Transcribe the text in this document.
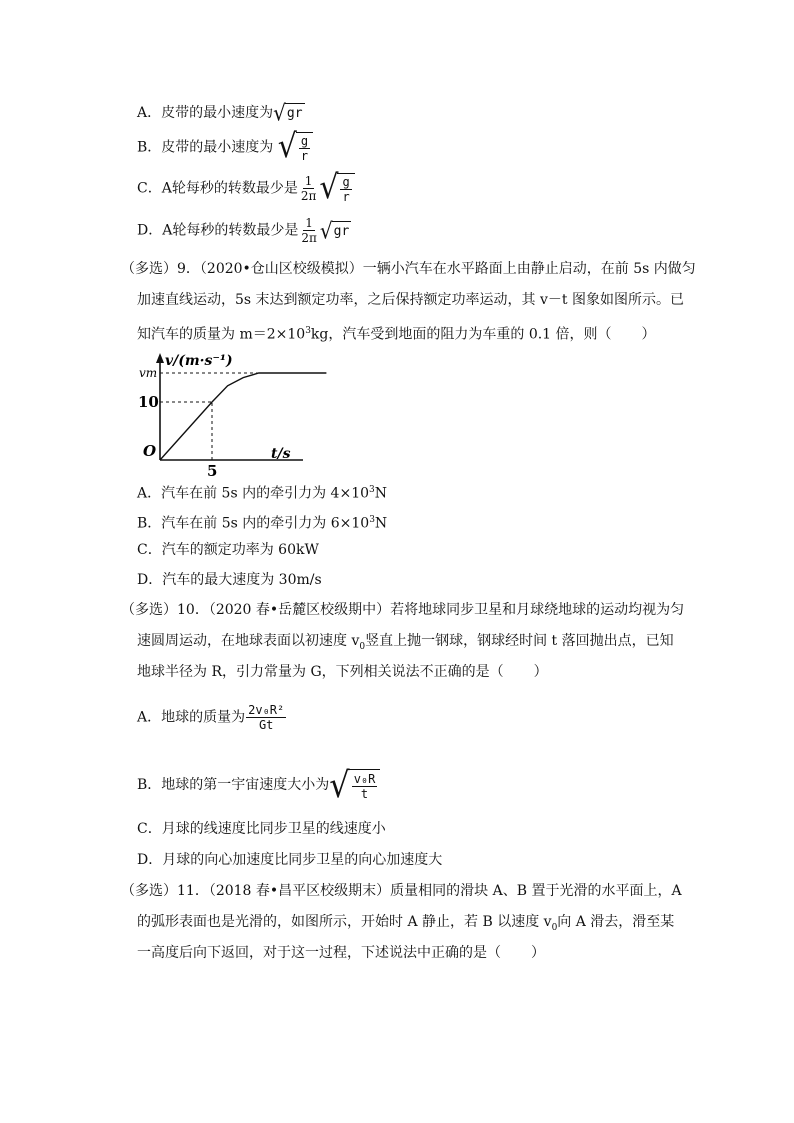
A．皮带的最小速度为 √ gr
B．皮带的最小速度为 √ $\frac{g}{r}$
C．A轮每秒的转数最少是 $\frac{1}{2\pi}$ √ $\frac{g}{r}$
D．A轮每秒的转数最少是 $\frac{1}{2\pi}$ √ gr
（多选）9．（2020•仓山区校级模拟）一辆小汽车在水平路面上由静止启动，在前 5s 内做匀
加速直线运动，5s 末达到额定功率，之后保持额定功率运动，其 v－t 图象如图所示。已
知汽车的质量为 $m=2\times 10^3kg$，汽车受到地面的阻力为车重的 0.1 倍，则（ ）
v/(m·s⁻¹)
t/s
O
5
10
vm
A．汽车在前 5s 内的牵引力为 $4\times 10^3N$
B．汽车在前 5s 内的牵引力为 $6\times 10^3N$
C．汽车的额定功率为 60kW
D．汽车的最大速度为 30m/s
（多选）10．（2020 春•岳麓区校级期中）若将地球同步卫星和月球绕地球的运动均视为匀
速圆周运动，在地球表面以初速度 $v_0$竖直上抛一钢球，钢球经时间 t 落回抛出点，已知
地球半径为 R，引力常量为 G，下列相关说法不正确的是（ ）
A．地球的质量为 $\frac{\text{2v₀R²}}{Gt}$
B．地球的第一宇宙速度大小为 √ $\frac{\text{v₀R}}{t}$
C．月球的线速度比同步卫星的线速度小
D．月球的向心加速度比同步卫星的向心加速度大
（多选）11．（2018 春•昌平区校级期末）质量相同的滑块 A、B 置于光滑的水平面上，A
的弧形表面也是光滑的，如图所示，开始时 A 静止，若 B 以速度 $v_0$向 A 滑去，滑至某
一高度后向下返回，对于这一过程，下述说法中正确的是（ ）
